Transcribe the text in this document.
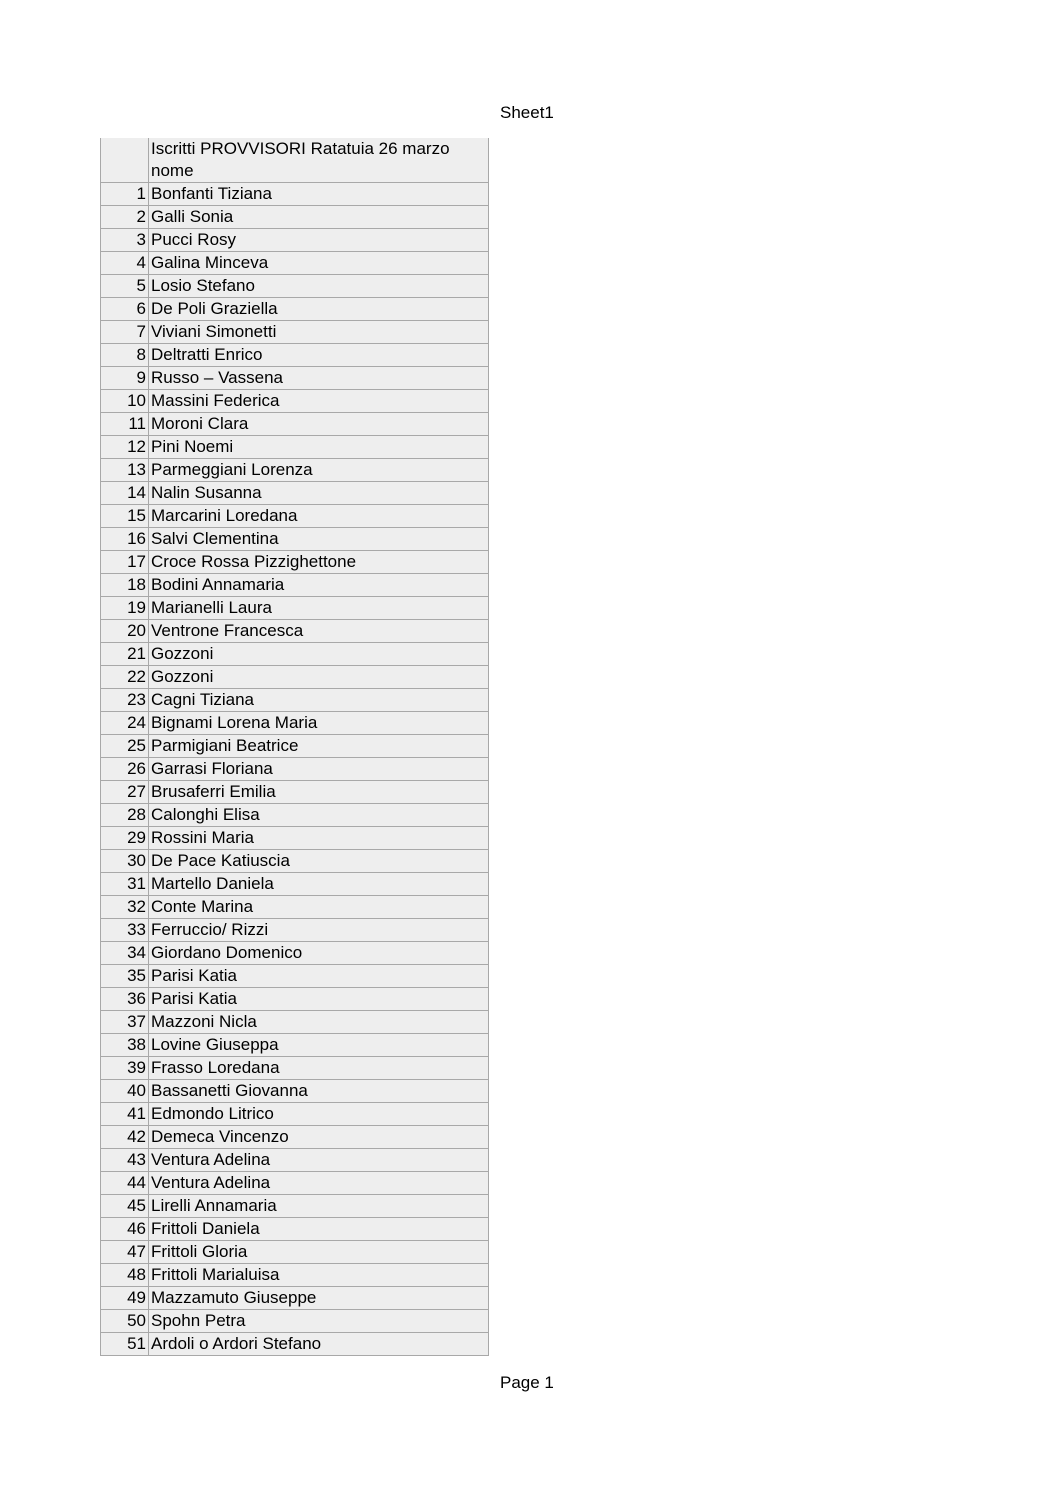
Sheet1

	Iscritti PROVVISORI Ratatuia 26 marzo
nome

1	Bonfanti Tiziana
2	Galli Sonia
3	Pucci Rosy
4	Galina Minceva
5	Losio Stefano
6	De Poli Graziella
7	Viviani Simonetti
8	Deltratti Enrico
9	Russo – Vassena
10	Massini Federica
11	Moroni Clara
12	Pini Noemi
13	Parmeggiani Lorenza
14	Nalin Susanna
15	Marcarini Loredana
16	Salvi Clementina
17	Croce Rossa Pizzighettone
18	Bodini Annamaria
19	Marianelli Laura
20	Ventrone Francesca
21	Gozzoni
22	Gozzoni
23	Cagni Tiziana
24	Bignami Lorena Maria
25	Parmigiani Beatrice
26	Garrasi Floriana
27	Brusaferri Emilia
28	Calonghi Elisa
29	Rossini Maria
30	De Pace Katiuscia
31	Martello Daniela
32	Conte Marina
33	Ferruccio/ Rizzi
34	Giordano Domenico
35	Parisi Katia
36	Parisi Katia
37	Mazzoni Nicla
38	Lovine Giuseppa
39	Frasso Loredana
40	Bassanetti Giovanna
41	Edmondo Litrico
42	Demeca Vincenzo
43	Ventura Adelina
44	Ventura Adelina
45	Lirelli Annamaria
46	Frittoli Daniela
47	Frittoli Gloria
48	Frittoli Marialuisa
49	Mazzamuto Giuseppe
50	Spohn Petra
51	Ardoli o Ardori Stefano
Page 1
